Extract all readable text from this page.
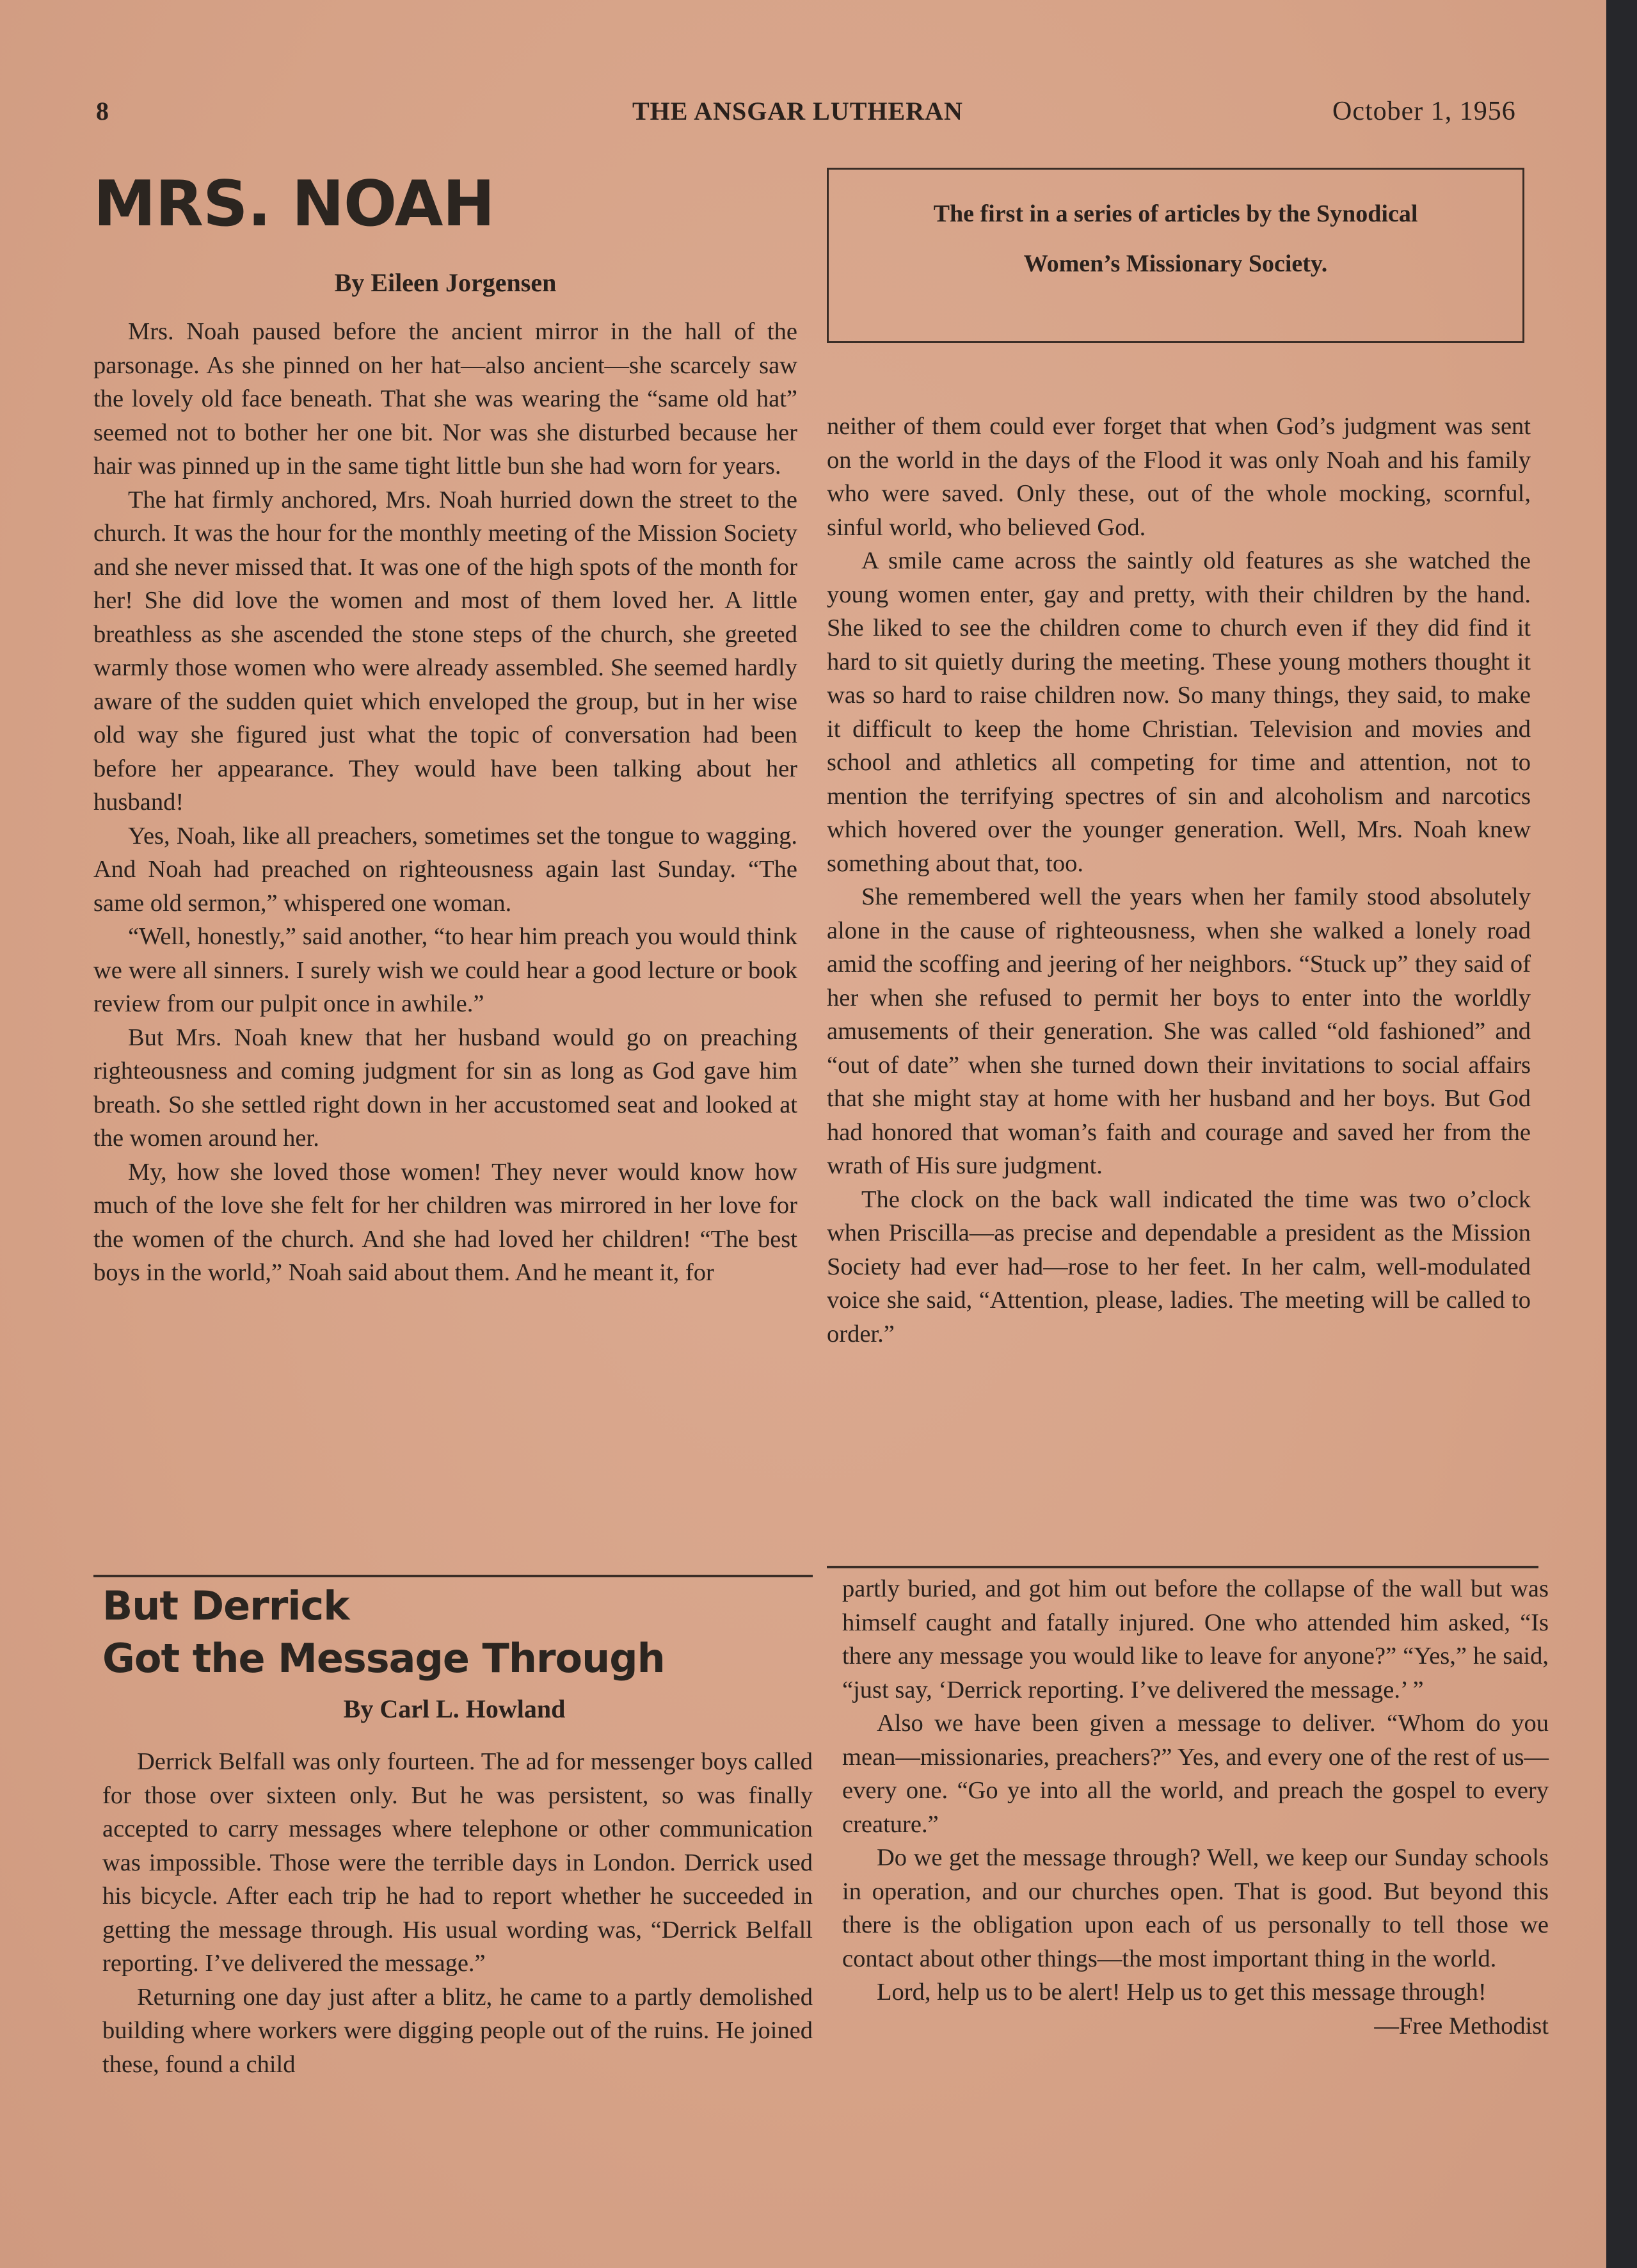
8	THE ANSGAR LUTHERAN	October 1, 1956
MRS. NOAH
By Eileen Jorgensen
The first in a series of articles by the Synodical
Women’s Missionary Society.

Mrs. Noah paused before the ancient mirror in the hall of the parsonage. As she pinned on her hat—also ancient—she scarcely saw the lovely old face beneath. That she was wearing the “same old hat” seemed not to bother her one bit. Nor was she disturbed because her hair was pinned up in the same tight little bun she had worn for years.

The hat firmly anchored, Mrs. Noah hurried down the street to the church. It was the hour for the monthly meeting of the Mission Society and she never missed that. It was one of the high spots of the month for her! She did love the women and most of them loved her. A little breathless as she ascended the stone steps of the church, she greeted warmly those women who were already assembled. She seemed hardly aware of the sudden quiet which enveloped the group, but in her wise old way she figured just what the topic of conversation had been before her appearance. They would have been talking about her husband!

Yes, Noah, like all preachers, sometimes set the tongue to wagging. And Noah had preached on righteousness again last Sunday. “The same old sermon,” whispered one woman.

“Well, honestly,” said another, “to hear him preach you would think we were all sinners. I surely wish we could hear a good lecture or book review from our pulpit once in awhile.”

But Mrs. Noah knew that her husband would go on preaching righteousness and coming judgment for sin as long as God gave him breath. So she settled right down in her accustomed seat and looked at the women around her.

My, how she loved those women! They never would know how much of the love she felt for her children was mirrored in her love for the women of the church. And she had loved her children! “The best boys in the world,” Noah said about them. And he meant it, for

neither of them could ever forget that when God’s judgment was sent on the world in the days of the Flood it was only Noah and his family who were saved. Only these, out of the whole mocking, scornful, sinful world, who believed God.

A smile came across the saintly old features as she watched the young women enter, gay and pretty, with their children by the hand. She liked to see the children come to church even if they did find it hard to sit quietly during the meeting. These young mothers thought it was so hard to raise children now. So many things, they said, to make it difficult to keep the home Christian. Television and movies and school and athletics all competing for time and attention, not to mention the terrifying spectres of sin and alcoholism and narcotics which hovered over the younger generation. Well, Mrs. Noah knew something about that, too.

She remembered well the years when her family stood absolutely alone in the cause of righteousness, when she walked a lonely road amid the scoffing and jeering of her neighbors. “Stuck up” they said of her when she refused to permit her boys to enter into the worldly amusements of their generation. She was called “old fashioned” and “out of date” when she turned down their invitations to social affairs that she might stay at home with her husband and her boys. But God had honored that woman’s faith and courage and saved her from the wrath of His sure judgment.

The clock on the back wall indicated the time was two o’clock when Priscilla—as precise and dependable a president as the Mission Society had ever had—rose to her feet. In her calm, well-modulated voice she said, “Attention, please, ladies. The meeting will be called to order.”

But Derrick
Got the Message Through
By Carl L. Howland

Derrick Belfall was only fourteen. The ad for messenger boys called for those over sixteen only. But he was persistent, so was finally accepted to carry messages where telephone or other communication was impossible. Those were the terrible days in London. Derrick used his bicycle. After each trip he had to report whether he succeeded in getting the message through. His usual wording was, “Derrick Belfall reporting. I’ve delivered the message.”

Returning one day just after a blitz, he came to a partly demolished building where workers were digging people out of the ruins. He joined these, found a child

partly buried, and got him out before the collapse of the wall but was himself caught and fatally injured. One who attended him asked, “Is there any message you would like to leave for anyone?” “Yes,” he said, “just say, ‘Derrick reporting. I’ve delivered the message.’ ”

Also we have been given a message to deliver. “Whom do you mean—missionaries, preachers?” Yes, and every one of the rest of us—every one. “Go ye into all the world, and preach the gospel to every creature.”

Do we get the message through? Well, we keep our Sunday schools in operation, and our churches open. That is good. But beyond this there is the obligation upon each of us personally to tell those we contact about other things—the most important thing in the world.

Lord, help us to be alert! Help us to get this message through!
—Free Methodist
